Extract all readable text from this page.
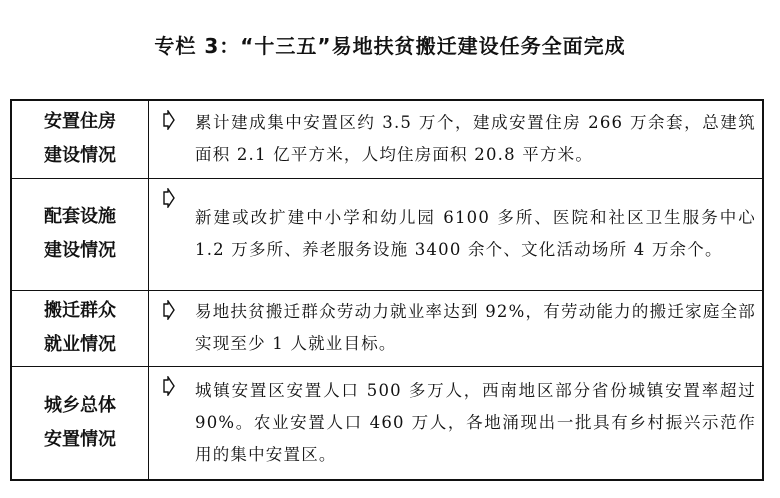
专栏 3：“十三五”易地扶贫搬迁建设任务全面完成
安置住房
建设情况	累计建成集中安置区约 3.5 万个，建成安置住房 266 万余套，总建筑面积 2.1 亿平方米，人均住房面积 20.8 平方米。

配套设施
建设情况	新建或改扩建中小学和幼儿园 6100 多所、医院和社区卫生服务中心 1.2 万多所、养老服务设施 3400 余个、文化活动场所 4 万余个。

搬迁群众
就业情况	易地扶贫搬迁群众劳动力就业率达到 92%，有劳动能力的搬迁家庭全部实现至少 1 人就业目标。

城乡总体
安置情况	城镇安置区安置人口 500 多万人，西南地区部分省份城镇安置率超过 90%。农业安置人口 460 万人，各地涌现出一批具有乡村振兴示范作用的集中安置区。
